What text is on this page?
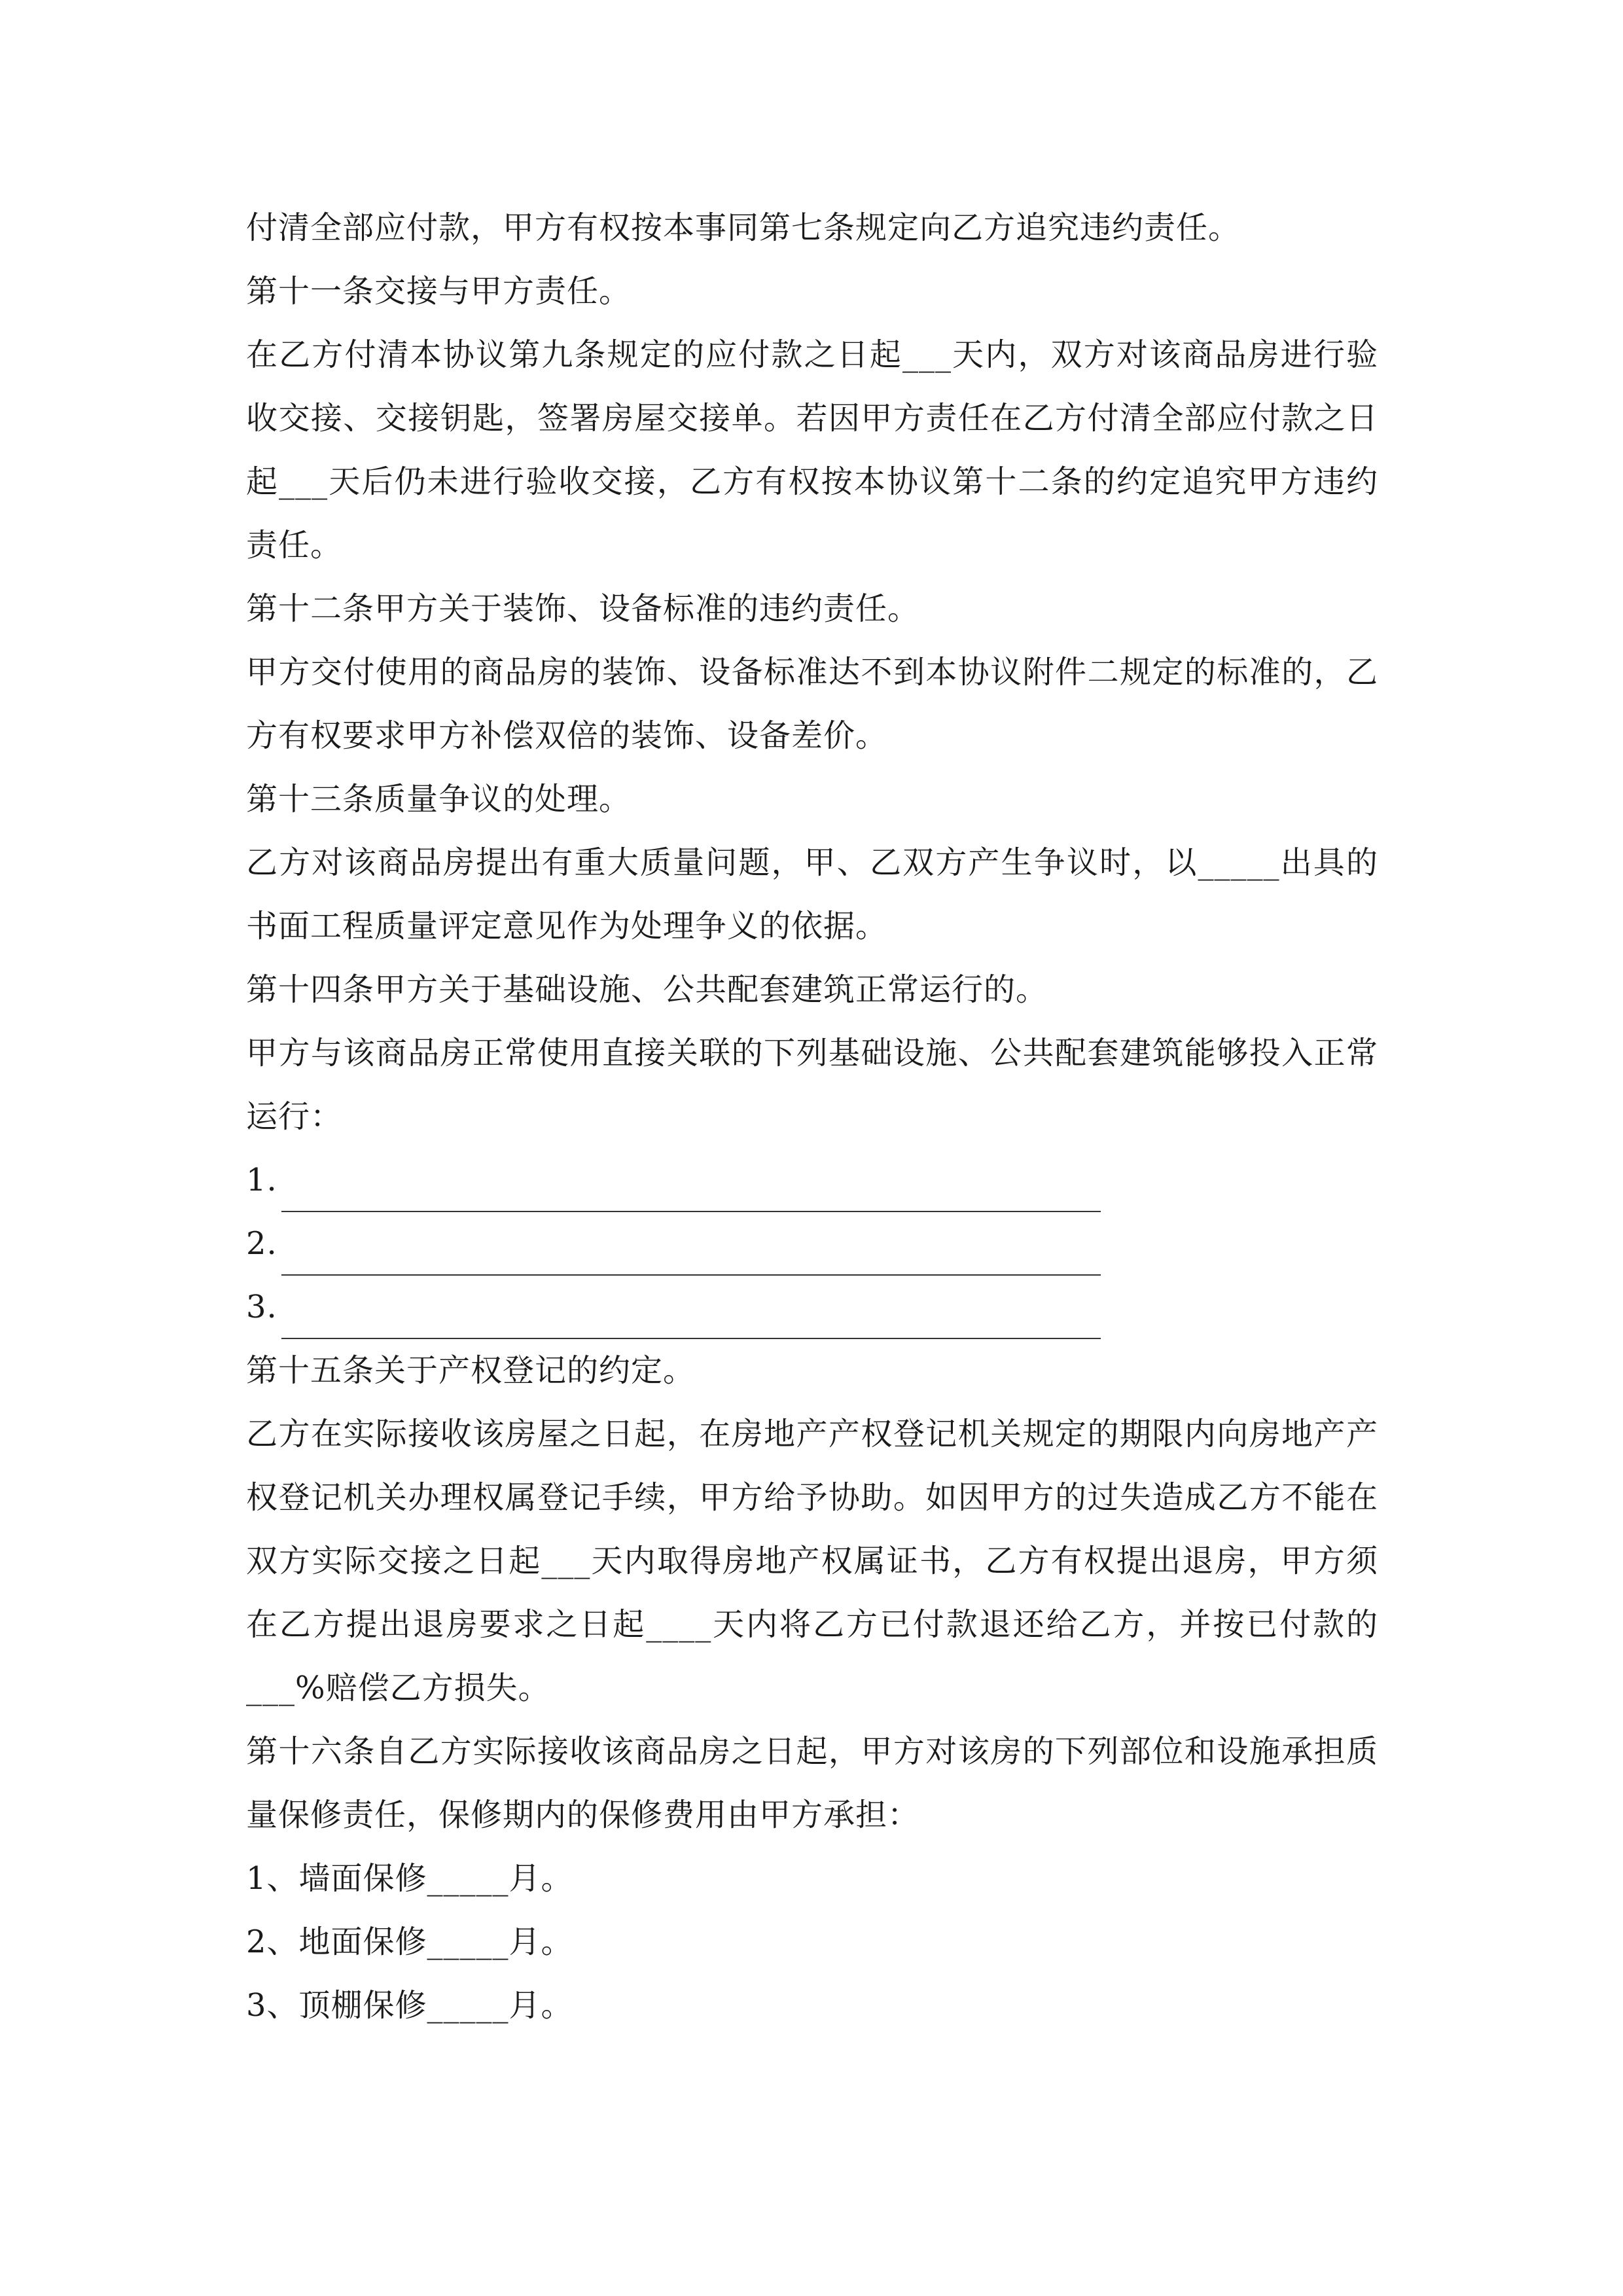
付清全部应付款，甲方有权按本事同第七条规定向乙方追究违约责任。
第十一条交接与甲方责任。
在乙方付清本协议第九条规定的应付款之日起___天内，双方对该商品房进行验
收交接、交接钥匙，签署房屋交接单。若因甲方责任在乙方付清全部应付款之日
起___天后仍未进行验收交接，乙方有权按本协议第十二条的约定追究甲方违约
责任。
第十二条甲方关于装饰、设备标准的违约责任。
甲方交付使用的商品房的装饰、设备标准达不到本协议附件二规定的标准的，乙
方有权要求甲方补偿双倍的装饰、设备差价。
第十三条质量争议的处理。
乙方对该商品房提出有重大质量问题，甲、乙双方产生争议时，以_____出具的
书面工程质量评定意见作为处理争义的依据。
第十四条甲方关于基础设施、公共配套建筑正常运行的。
甲方与该商品房正常使用直接关联的下列基础设施、公共配套建筑能够投入正常
运行：
1.
2.
3.
第十五条关于产权登记的约定。
乙方在实际接收该房屋之日起，在房地产产权登记机关规定的期限内向房地产产
权登记机关办理权属登记手续，甲方给予协助。如因甲方的过失造成乙方不能在
双方实际交接之日起___天内取得房地产权属证书，乙方有权提出退房，甲方须
在乙方提出退房要求之日起____天内将乙方已付款退还给乙方，并按已付款的
___%赔偿乙方损失。
第十六条自乙方实际接收该商品房之日起，甲方对该房的下列部位和设施承担质
量保修责任，保修期内的保修费用由甲方承担：
1、墙面保修_____月。
2、地面保修_____月。
3、顶棚保修_____月。
